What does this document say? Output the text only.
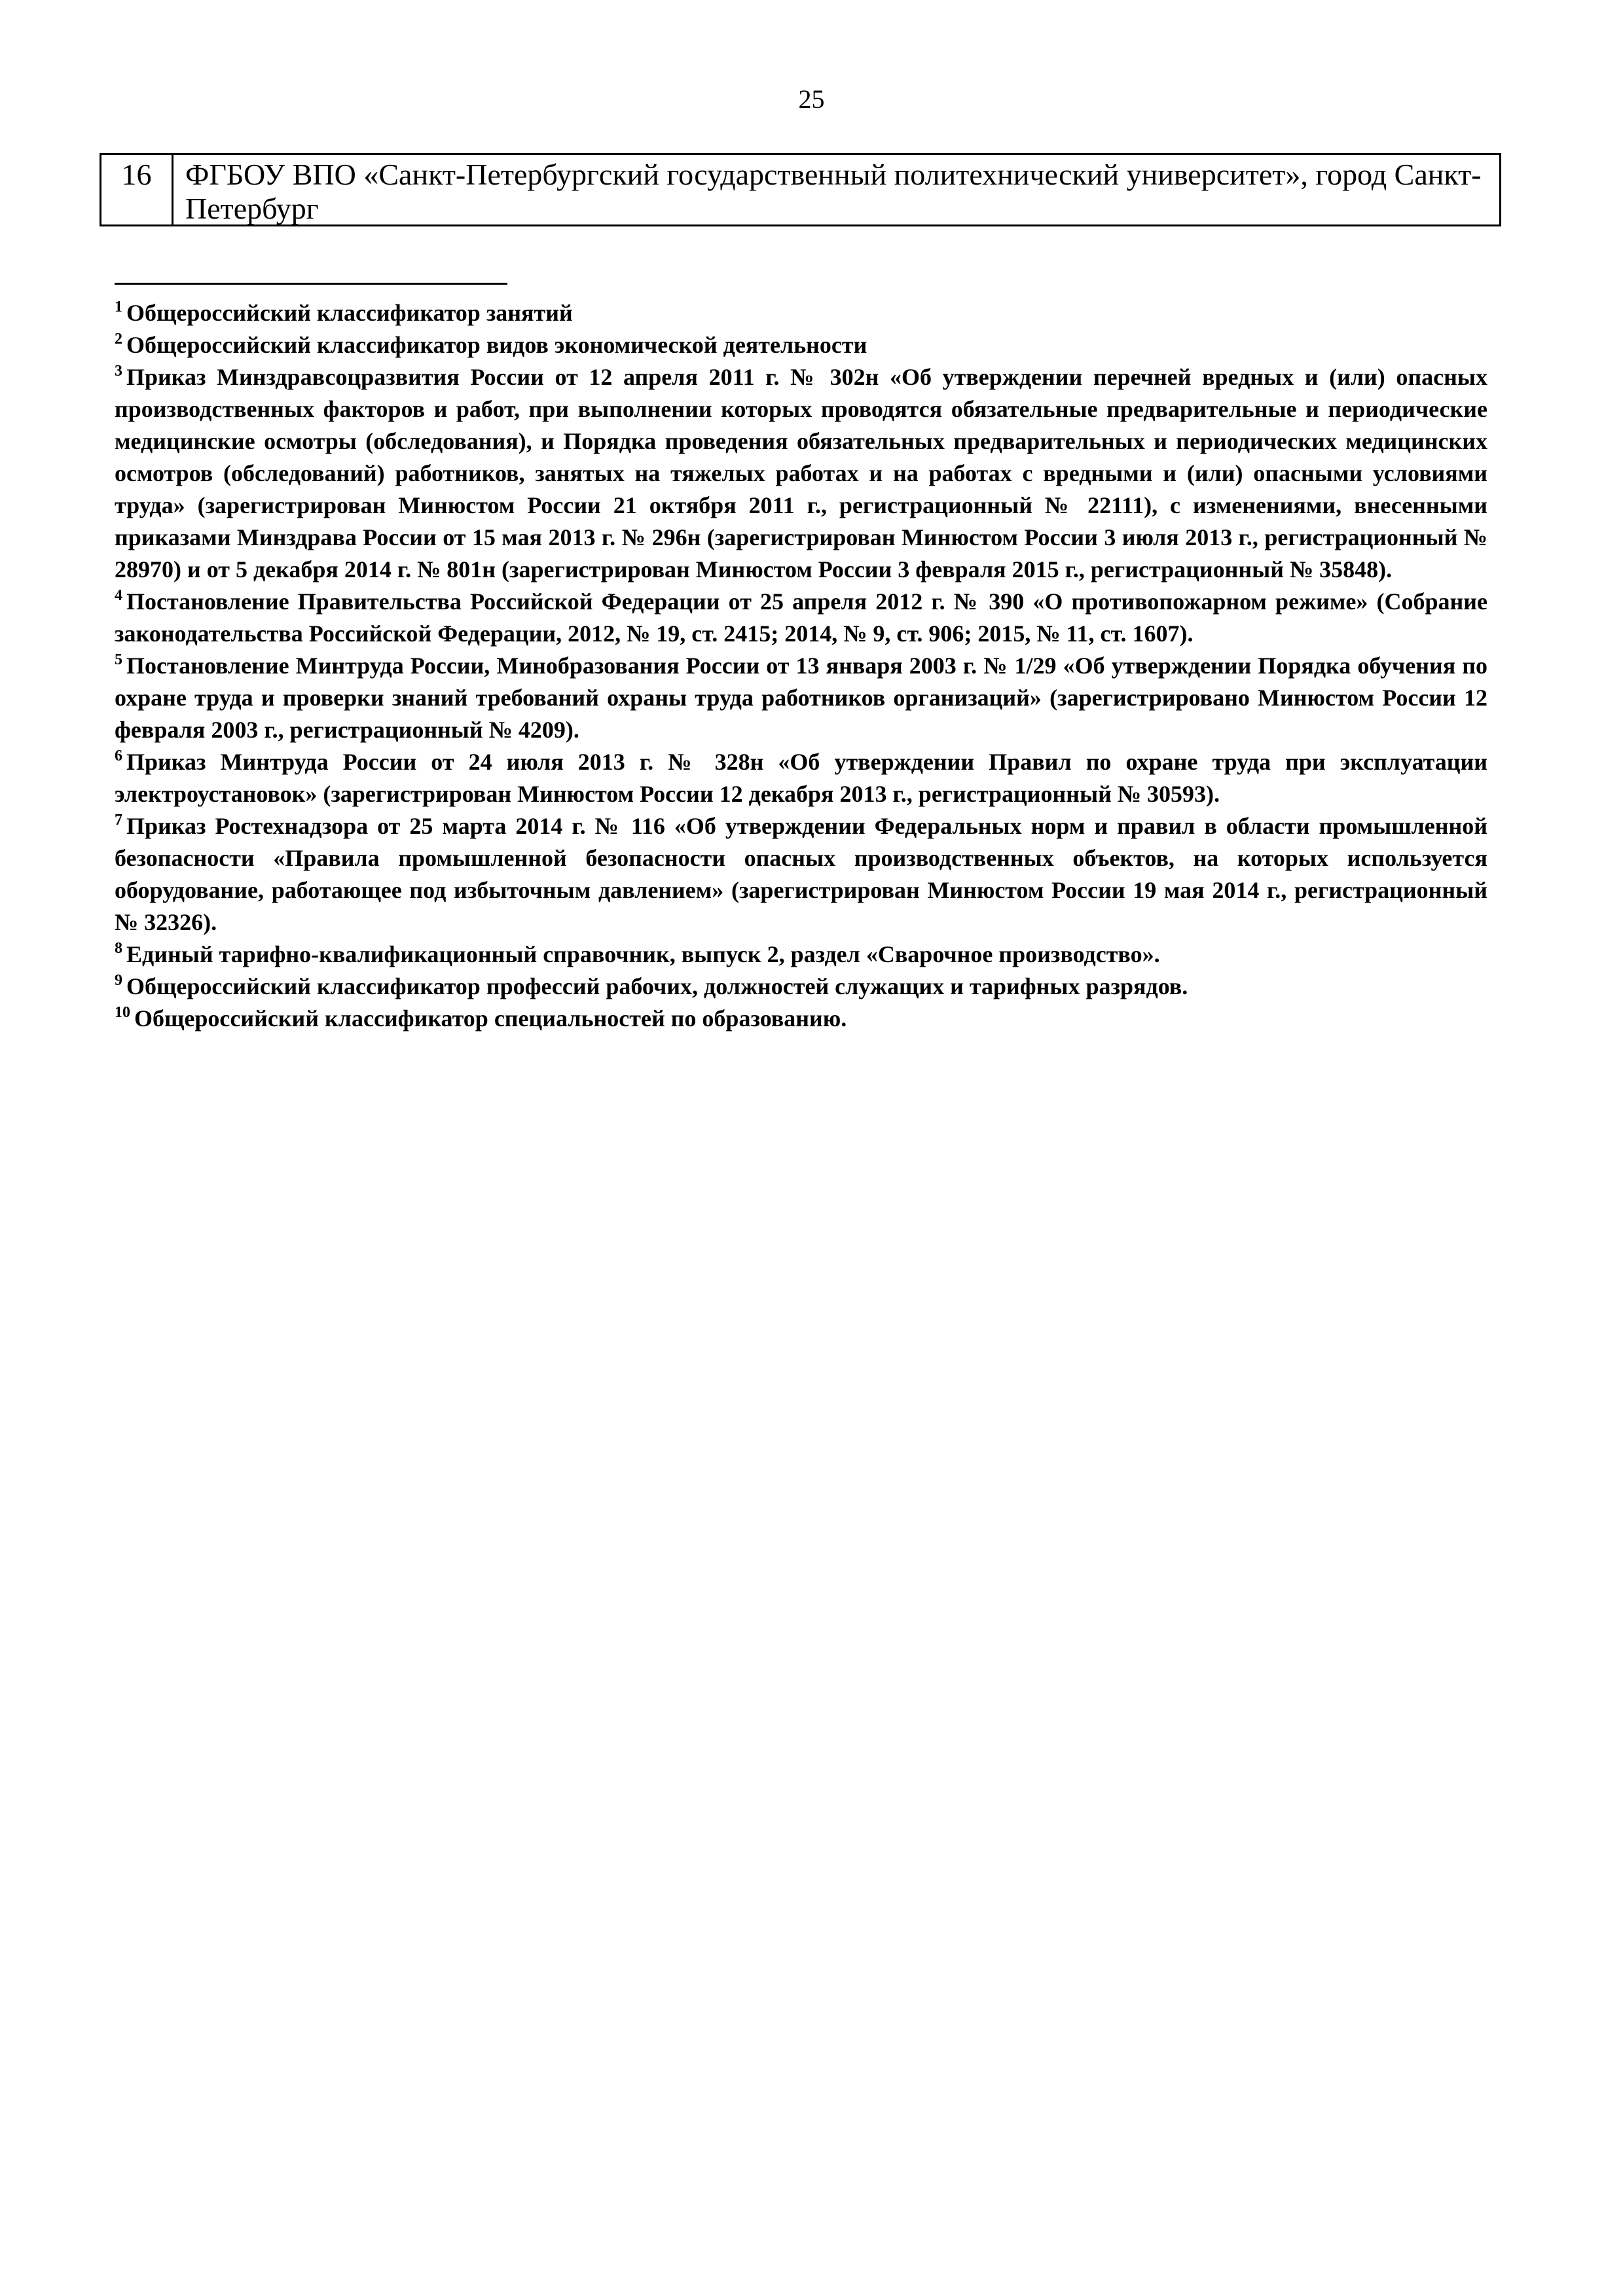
25
16	ФГБОУ ВПО «Санкт-Петербургский государственный политехнический университет», город Санкт-Петербург

$^1$ Общероссийский классификатор занятий

$^2$ Общероссийский классификатор видов экономической деятельности

$^3$ Приказ Минздравсоцразвития России от 12 апреля 2011 г. № 302н «Об утверждении перечней вредных и (или) опасных производственных факторов и работ, при выполнении которых проводятся обязательные предварительные и периодические медицинские осмотры (обследования), и Порядка проведения обязательных предварительных и периодических медицинских осмотров (обследований) работников, занятых на тяжелых работах и на работах с вредными и (или) опасными условиями труда» (зарегистрирован Минюстом России 21 октября 2011 г., регистрационный № 22111), с изменениями, внесенными приказами Минздрава России от 15 мая 2013 г. № 296н (зарегистрирован Минюстом России 3 июля 2013 г., регистрационный № 28970) и от 5 декабря 2014 г. № 801н (зарегистрирован Минюстом России 3 февраля 2015 г., регистрационный № 35848).

$^4$ Постановление Правительства Российской Федерации от 25 апреля 2012 г. № 390 «О противопожарном режиме» (Собрание законодательства Российской Федерации, 2012, № 19, ст. 2415; 2014, № 9, ст. 906; 2015, № 11, ст. 1607).

$^5$ Постановление Минтруда России, Минобразования России от 13 января 2003 г. № 1/29 «Об утверждении Порядка обучения по охране труда и проверки знаний требований охраны труда работников организаций» (зарегистрировано Минюстом России 12 февраля 2003 г., регистрационный № 4209).

$^6$ Приказ Минтруда России от 24 июля 2013 г. № 328н «Об утверждении Правил по охране труда при эксплуатации электроустановок» (зарегистрирован Минюстом России 12 декабря 2013 г., регистрационный № 30593).

$^7$ Приказ Ростехнадзора от 25 марта 2014 г. № 116 «Об утверждении Федеральных норм и правил в области промышленной безопасности «Правила промышленной безопасности опасных производственных объектов, на которых используется оборудование, работающее под избыточным давлением» (зарегистрирован Минюстом России 19 мая 2014 г., регистрационный № 32326).

$^8$ Единый тарифно-квалификационный справочник, выпуск 2, раздел «Сварочное производство».

$^9$ Общероссийский классификатор профессий рабочих, должностей служащих и тарифных разрядов.

$^{10}$ Общероссийский классификатор специальностей по образованию.
